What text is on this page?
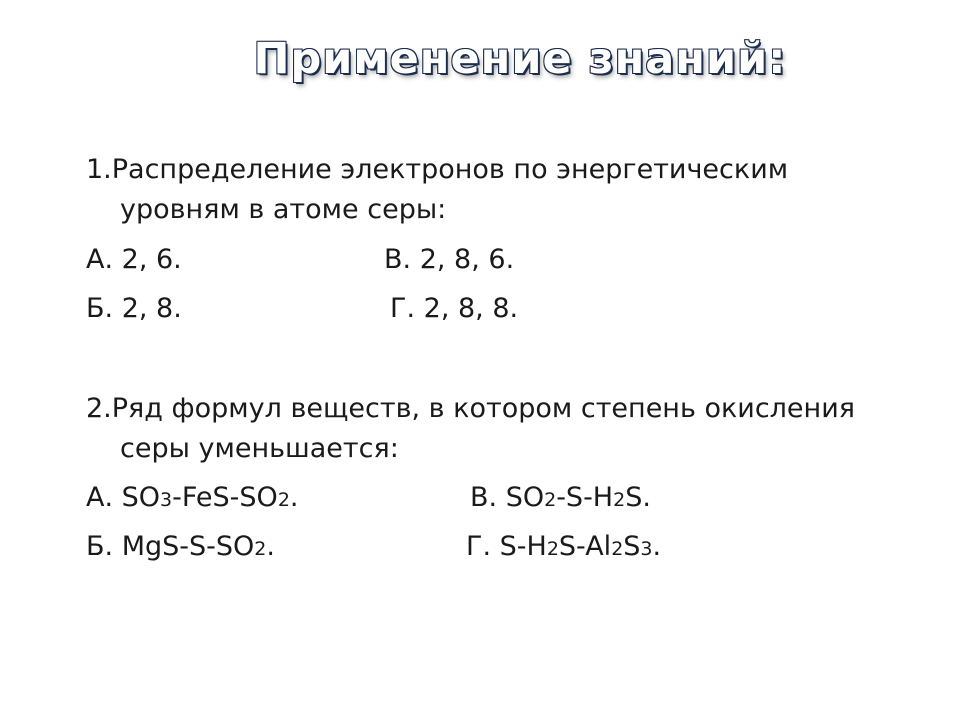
Применение знаний:
1.Распределение электронов по энергетическим
уровням в атоме серы:
А. 2, 6.	В. 2, 8, 6.
Б. 2, 8.	Г. 2, 8, 8.
2.Ряд формул веществ, в котором степень окисления
серы уменьшается:
А. SO3-FeS-SO2.	В. SO2-S-H2S.
Б. MgS-S-SO2.	Г. S-H2S-Al2S3.
